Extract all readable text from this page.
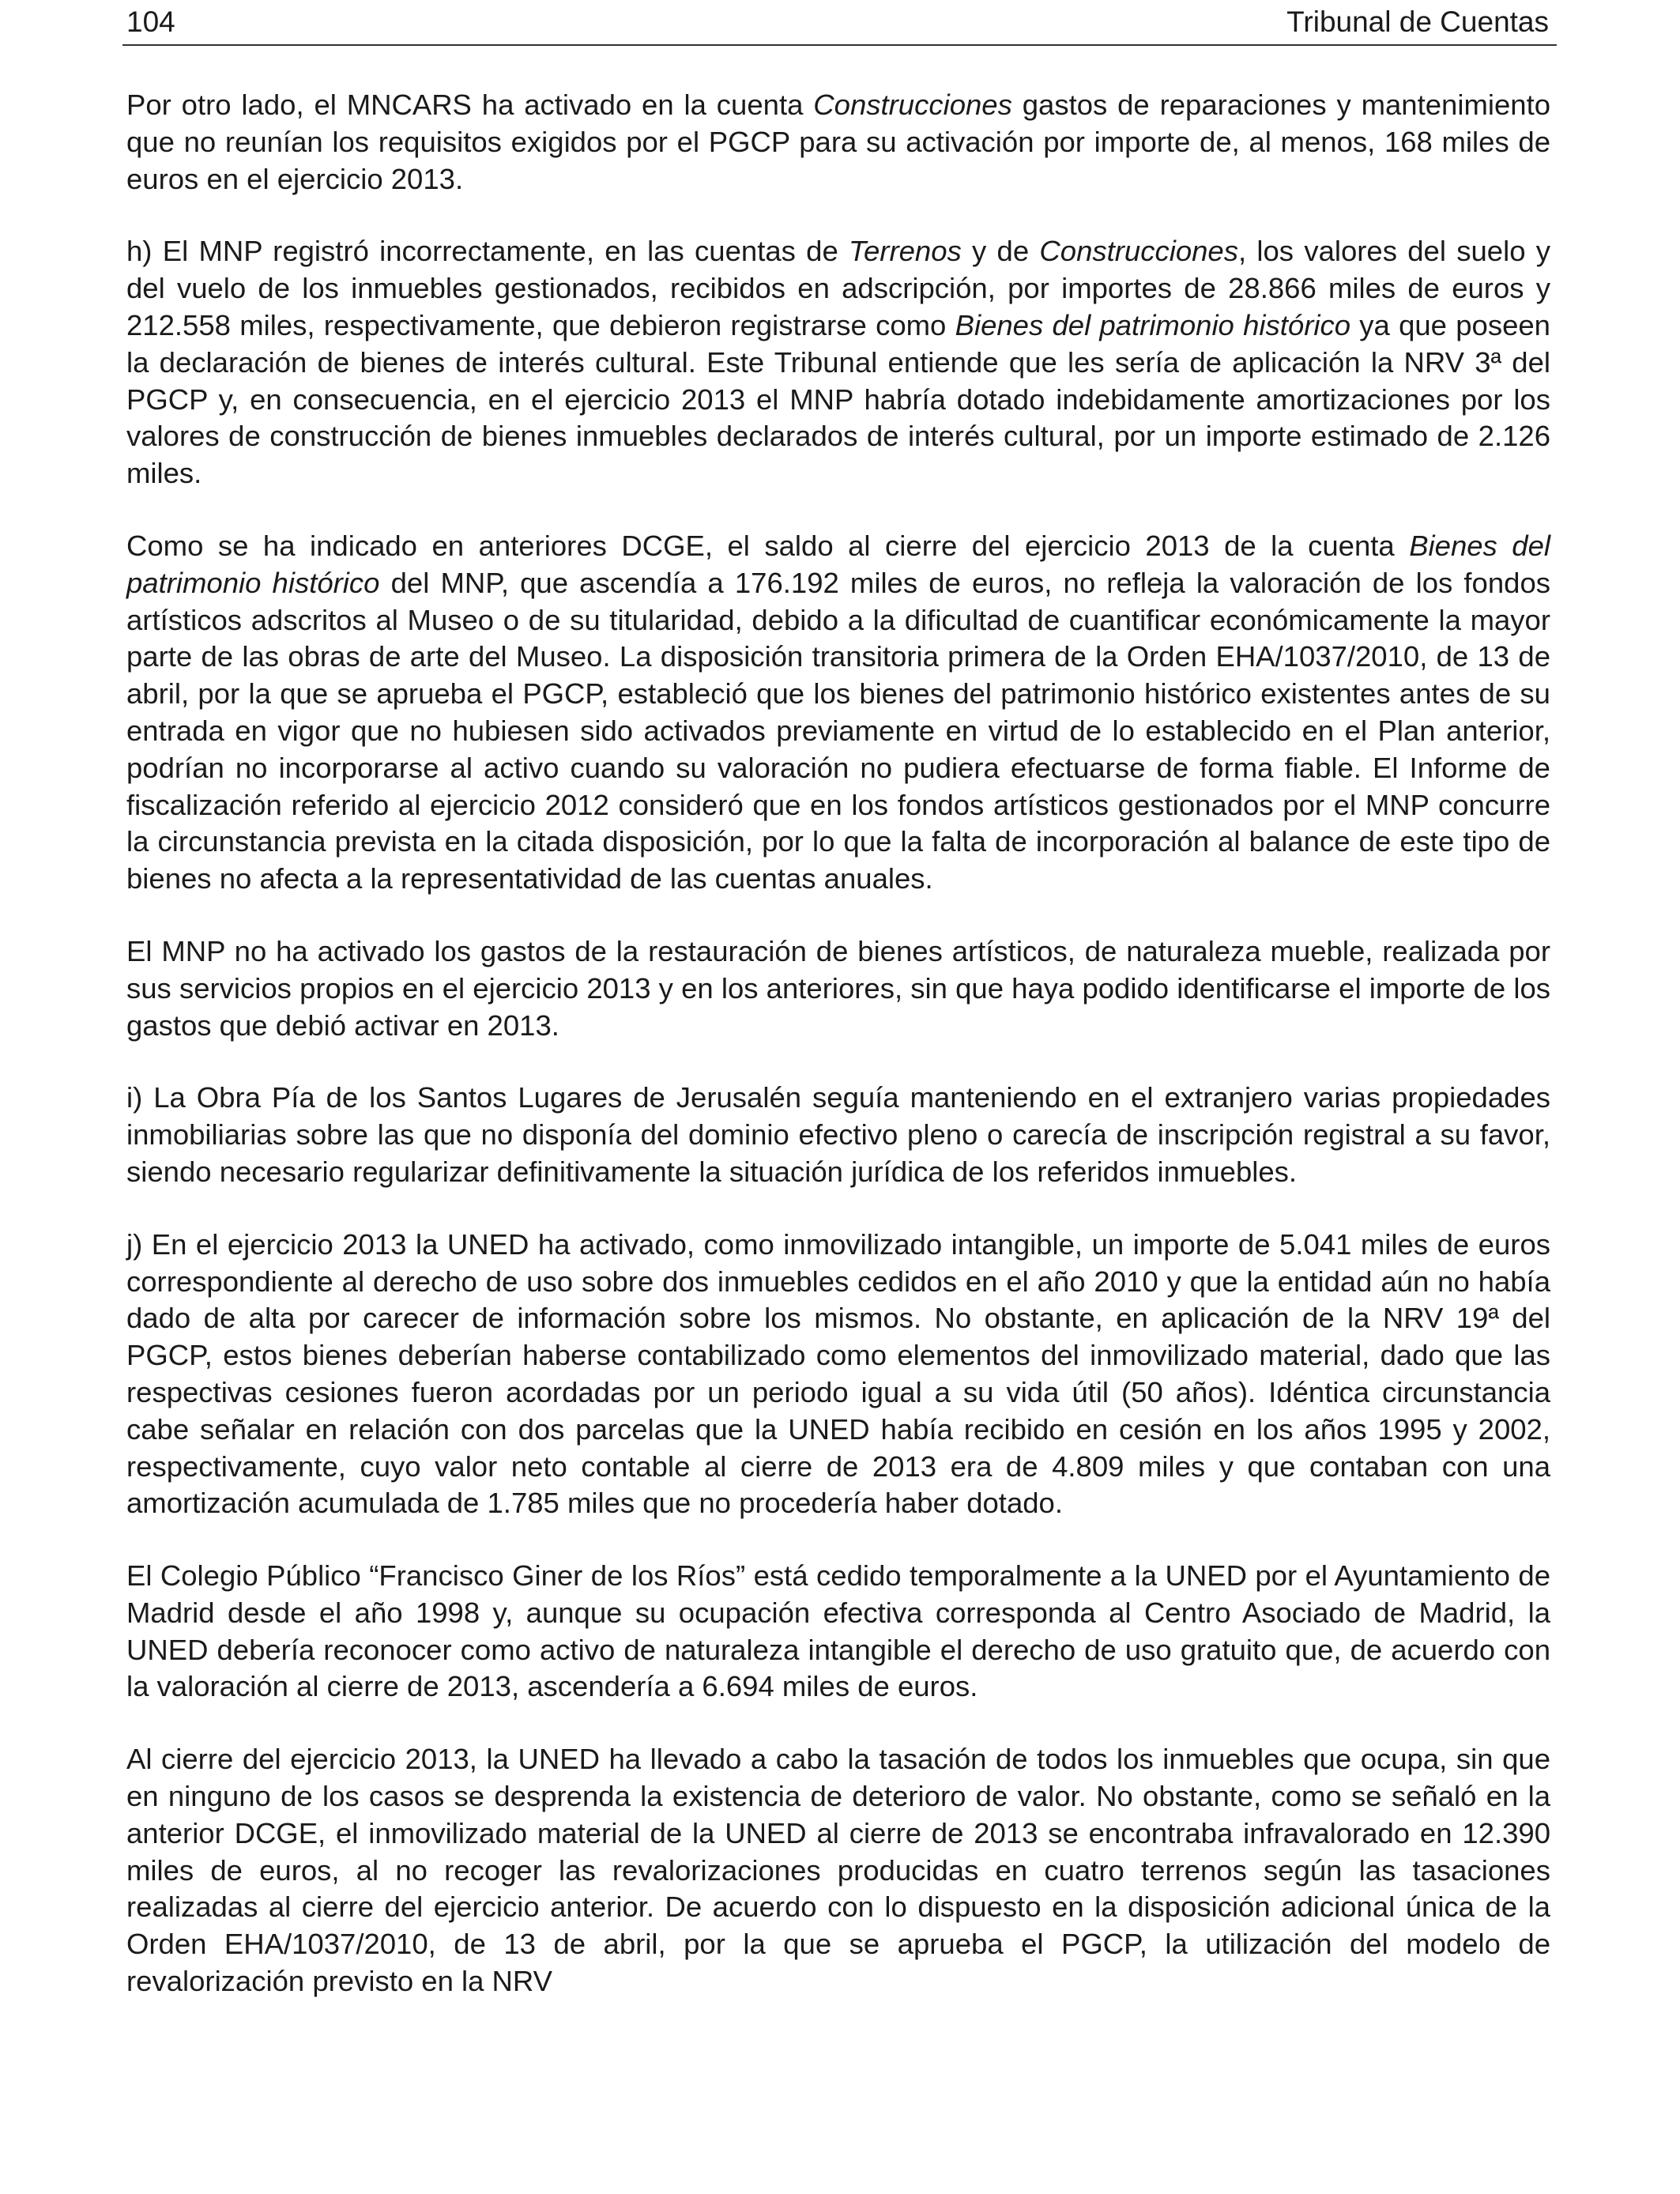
104	Tribunal de Cuentas

Por otro lado, el MNCARS ha activado en la cuenta Construcciones gastos de reparaciones y mantenimiento que no reunían los requisitos exigidos por el PGCP para su activación por importe de, al menos, 168 miles de euros en el ejercicio 2013.

h) El MNP registró incorrectamente, en las cuentas de Terrenos y de Construcciones, los valores del suelo y del vuelo de los inmuebles gestionados, recibidos en adscripción, por importes de 28.866 miles de euros y 212.558 miles, respectivamente, que debieron registrarse como Bienes del patrimonio histórico ya que poseen la declaración de bienes de interés cultural. Este Tribunal entiende que les sería de aplicación la NRV 3ª del PGCP y, en consecuencia, en el ejercicio 2013 el MNP habría dotado indebidamente amortizaciones por los valores de construcción de bienes inmuebles declarados de interés cultural, por un importe estimado de 2.126 miles.

Como se ha indicado en anteriores DCGE, el saldo al cierre del ejercicio 2013 de la cuenta Bienes del patrimonio histórico del MNP, que ascendía a 176.192 miles de euros, no refleja la valoración de los fondos artísticos adscritos al Museo o de su titularidad, debido a la dificultad de cuantificar económicamente la mayor parte de las obras de arte del Museo. La disposición transitoria primera de la Orden EHA/1037/2010, de 13 de abril, por la que se aprueba el PGCP, estableció que los bienes del patrimonio histórico existentes antes de su entrada en vigor que no hubiesen sido activados previamente en virtud de lo establecido en el Plan anterior, podrían no incorporarse al activo cuando su valoración no pudiera efectuarse de forma fiable. El Informe de fiscalización referido al ejercicio 2012 consideró que en los fondos artísticos gestionados por el MNP concurre la circunstancia prevista en la citada disposición, por lo que la falta de incorporación al balance de este tipo de bienes no afecta a la representatividad de las cuentas anuales.

El MNP no ha activado los gastos de la restauración de bienes artísticos, de naturaleza mueble, realizada por sus servicios propios en el ejercicio 2013 y en los anteriores, sin que haya podido identificarse el importe de los gastos que debió activar en 2013.

i) La Obra Pía de los Santos Lugares de Jerusalén seguía manteniendo en el extranjero varias propiedades inmobiliarias sobre las que no disponía del dominio efectivo pleno o carecía de inscripción registral a su favor, siendo necesario regularizar definitivamente la situación jurídica de los referidos inmuebles.

j) En el ejercicio 2013 la UNED ha activado, como inmovilizado intangible, un importe de 5.041 miles de euros correspondiente al derecho de uso sobre dos inmuebles cedidos en el año 2010 y que la entidad aún no había dado de alta por carecer de información sobre los mismos. No obstante, en aplicación de la NRV 19ª del PGCP, estos bienes deberían haberse contabilizado como elementos del inmovilizado material, dado que las respectivas cesiones fueron acordadas por un periodo igual a su vida útil (50 años). Idéntica circunstancia cabe señalar en relación con dos parcelas que la UNED había recibido en cesión en los años 1995 y 2002, respectivamente, cuyo valor neto contable al cierre de 2013 era de 4.809 miles y que contaban con una amortización acumulada de 1.785 miles que no procedería haber dotado.

El Colegio Público “Francisco Giner de los Ríos” está cedido temporalmente a la UNED por el Ayuntamiento de Madrid desde el año 1998 y, aunque su ocupación efectiva corresponda al Centro Asociado de Madrid, la UNED debería reconocer como activo de naturaleza intangible el derecho de uso gratuito que, de acuerdo con la valoración al cierre de 2013, ascendería a 6.694 miles de euros.

Al cierre del ejercicio 2013, la UNED ha llevado a cabo la tasación de todos los inmuebles que ocupa, sin que en ninguno de los casos se desprenda la existencia de deterioro de valor. No obstante, como se señaló en la anterior DCGE, el inmovilizado material de la UNED al cierre de 2013 se encontraba infravalorado en 12.390 miles de euros, al no recoger las revalorizaciones producidas en cuatro terrenos según las tasaciones realizadas al cierre del ejercicio anterior. De acuerdo con lo dispuesto en la disposición adicional única de la Orden EHA/1037/2010, de 13 de abril, por la que se aprueba el PGCP, la utilización del modelo de revalorización previsto en la NRV
